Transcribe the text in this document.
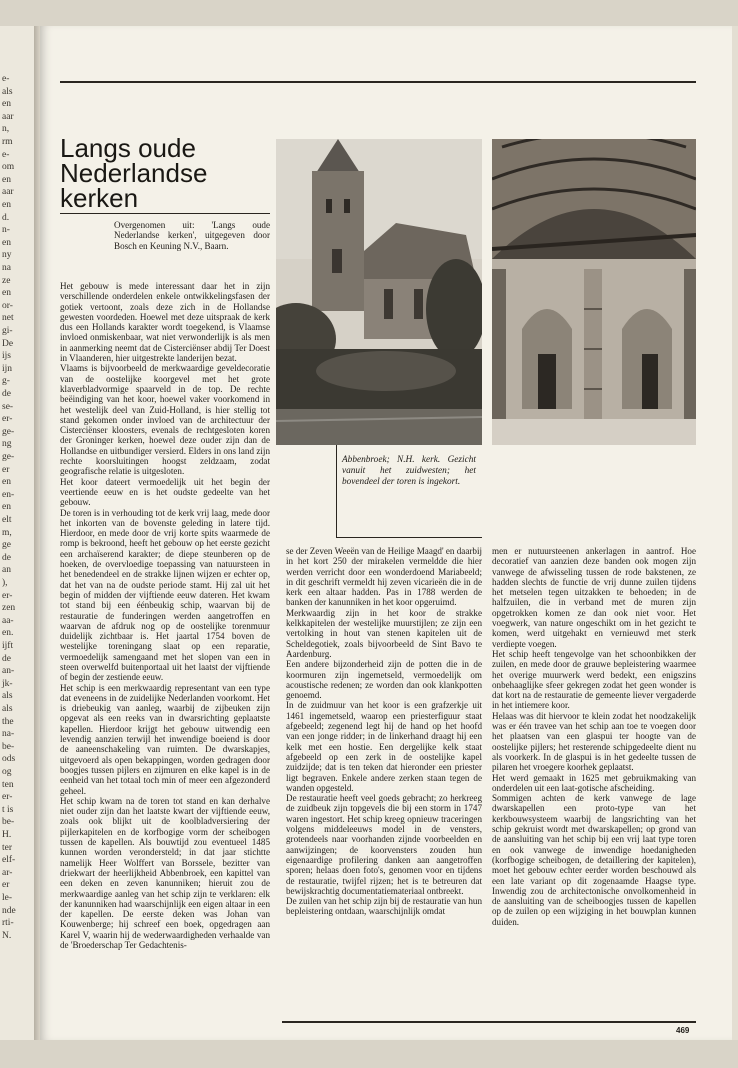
e-
als
en
aar
n,
rm
e-
om
en
aar
en
d.
n-
en
ny
na
ze
en
or-
net
gi-
De
ijs
ijn
g-
de
se-
er-
ge-
ng
ge-
er
en
en-
en
elt
m,
ge
de
an
),
er-
zen
aa-
en.
ijft
de
an-
jk-
als
als
the
na-
be-
ods
og
ten
er-
t is
be-
H.
ter
elf-
ar-
er
le-
nde
rti-
N.
Langs oude
Nederlandse
kerken
Overgenomen uit: 'Langs oude Nederlandse kerken', uitgegeven door Bosch en Keuning N.V., Baarn.

Het gebouw is mede interessant daar het in zijn verschillende onderdelen enkele ontwikkelingsfasen der gotiek vertoont, zoals deze zich in de Hollandse gewesten voordeden. Hoewel met deze uitspraak de kerk dus een Hollands karakter wordt toegekend, is Vlaamse invloed onmiskenbaar, wat niet verwonderlijk is als men in aanmerking neemt dat de Cisterciënser abdij Ter Doest in Vlaanderen, hier uitgestrekte landerijen bezat.

Vlaams is bijvoorbeeld de merkwaardige geveldecoratie van de oostelijke koorgevel met het grote klaverbladvormige spaarveld in de top. De rechte beëindiging van het koor, hoewel vaker voorkomend in het westelijk deel van Zuid-Holland, is hier stellig tot stand gekomen onder invloed van de architectuur der Cisterciënser kloosters, evenals de rechtgesloten koren der Groninger kerken, hoewel deze ouder zijn dan de Hollandse en uitbundiger versierd. Elders in ons land zijn rechte koorsluitingen hoogst zeldzaam, zodat geografische relatie is uitgesloten.

Het koor dateert vermoedelijk uit het begin der veertiende eeuw en is het oudste gedeelte van het gebouw.

De toren is in verhouding tot de kerk vrij laag, mede door het inkorten van de bovenste geleding in latere tijd. Hierdoor, en mede door de vrij korte spits waarmede de romp is bekroond, heeft het gebouw op het eerste gezicht een archaïserend karakter; de diepe steunberen op de hoeken, de overvloedige toepassing van natuursteen in het benedendeel en de strakke lijnen wijzen er echter op, dat het van na de oudste periode stamt. Hij zal uit het begin of midden der vijftiende eeuw dateren. Het kwam tot stand bij een éénbeukig schip, waarvan bij de restauratie de funderingen werden aangetroffen en waarvan de afdruk nog op de oostelijke torenmuur duidelijk zichtbaar is. Het jaartal 1754 boven de westelijke toreningang slaat op een reparatie, vermoedelijk samengaand met het slopen van een in steen overwelfd buitenportaal uit het laatst der vijftiende of begin der zestiende eeuw.

Het schip is een merkwaardig representant van een type dat eveneens in de zuidelijke Nederlanden voorkomt. Het is driebeukig van aanleg, waarbij de zijbeuken zijn opgevat als een reeks van in dwarsrichting geplaatste kapellen. Hierdoor krijgt het gebouw uitwendig een levendig aanzien terwijl het inwendige boeiend is door de aaneenschakeling van ruimten. De dwarskapjes, uitgevoerd als open bekappingen, worden gedragen door boogjes tussen pijlers en zijmuren en elke kapel is in de eenheid van het totaal toch min of meer een afgezonderd geheel.

Het schip kwam na de toren tot stand en kan derhalve niet ouder zijn dan het laatste kwart der vijftiende eeuw, zoals ook blijkt uit de koolbladversiering der pijlerkapitelen en de korfbogige vorm der scheibogen tussen de kapellen. Als bouwtijd zou eventueel 1485 kunnen worden verondersteld; in dat jaar stichtte namelijk Heer Wolffert van Borssele, bezitter van driekwart der heerlijkheid Abbenbroek, een kapittel van een deken en zeven kanunniken; hieruit zou de merkwaardige aanleg van het schip zijn te verklaren: elk der kanunniken had waarschijnlijk een eigen altaar in een der kapellen. De eerste deken was Johan van Kouwenberge; hij schreef een boek, opgedragen aan Karel V, waarin hij de wederwaardigheden verhaalde van de 'Broederschap Ter Gedachtenis-

Abbenbroek; N.H. kerk. Gezicht vanuit het zuidwesten; het bovendeel der toren is ingekort.

se der Zeven Weeën van de Heilige Maagd' en daarbij in het kort 250 der mirakelen vermeldde die hier werden verricht door een wonderdoend Mariabeeld; in dit geschrift vermeldt hij zeven vicarieën die in de kerk een altaar hadden. Pas in 1788 werden de banken der kanunniken in het koor opgeruimd.

Merkwaardig zijn in het koor de strakke kelkkapitelen der westelijke muurstijlen; ze zijn een vertolking in hout van stenen kapitelen uit de Scheldegotiek, zoals bijvoorbeeld de Sint Bavo te Aardenburg.

Een andere bijzonderheid zijn de potten die in de koormuren zijn ingemetseld, vermoedelijk om acoustische redenen; ze worden dan ook klankpotten genoemd.

In de zuidmuur van het koor is een grafzerkje uit 1461 ingemetseld, waarop een priesterfiguur staat afgebeeld; zegenend legt hij de hand op het hoofd van een jonge ridder; in de linkerhand draagt hij een kelk met een hostie. Een dergelijke kelk staat afgebeeld op een zerk in de oostelijke kapel zuidzijde; dat is ten teken dat hieronder een priester ligt begraven. Enkele andere zerken staan tegen de wanden opgesteld.

De restauratie heeft veel goeds gebracht; zo herkreeg de zuidbeuk zijn topgevels die bij een storm in 1747 waren ingestort. Het schip kreeg opnieuw traceringen volgens middeleeuws model in de vensters, grotendeels naar voorhanden zijnde voorbeelden en aanwijzingen; de koorvensters zouden hun eigenaardige profilering danken aan aangetroffen sporen; helaas doen foto's, genomen voor en tijdens de restauratie, twijfel rijzen; het is te betreuren dat bewijskrachtig documentatiemateriaal ontbreekt.

De zuilen van het schip zijn bij de restauratie van hun bepleistering ontdaan, waarschijnlijk omdat

men er nutuursteenen ankerlagen in aantrof. Hoe decoratief van aanzien deze banden ook mogen zijn vanwege de afwisseling tussen de rode bakstenen, ze hadden slechts de functie de vrij dunne zuilen tijdens het metselen tegen uitzakken te behoeden; in de halfzuilen, die in verband met de muren zijn opgetrokken komen ze dan ook niet voor. Het voegwerk, van nature ongeschikt om in het gezicht te komen, werd uitgehakt en vernieuwd met sterk verdiepte voegen.

Het schip heeft tengevolge van het schoonbikken der zuilen, en mede door de grauwe bepleistering waarmee het overige muurwerk werd bedekt, een enigszins onbehaaglijke sfeer gekregen zodat het geen wonder is dat kort na de restauratie de gemeente liever vergaderde in het intiemere koor.

Helaas was dit hiervoor te klein zodat het noodzakelijk was er één travee van het schip aan toe te voegen door het plaatsen van een glaspui ter hoogte van de oostelijke pijlers; het resterende schipgedeelte dient nu als voorkerk. In de glaspui is in het gedeelte tussen de pilaren het vroegere koorhek geplaatst.

Het werd gemaakt in 1625 met gebruikmaking van onderdelen uit een laat-gotische afscheiding.

Sommigen achten de kerk vanwege de lage dwarskapellen een proto-type van het kerkbouwsysteem waarbij de langsrichting van het schip gekruist wordt met dwarskapellen; op grond van de aansluiting van het schip bij een vrij laat type toren en ook vanwege de inwendige hoedanigheden (korfbogige scheibogen, de detaillering der kapitelen), moet het gebouw echter eerder worden beschouwd als een late variant op dit zogenaamde Haagse type. Inwendig zou de architectonische onvolkomenheid in de aansluiting van de scheiboogjes tussen de kapellen op de zuilen op een wijziging in het bouwplan kunnen duiden.

469
